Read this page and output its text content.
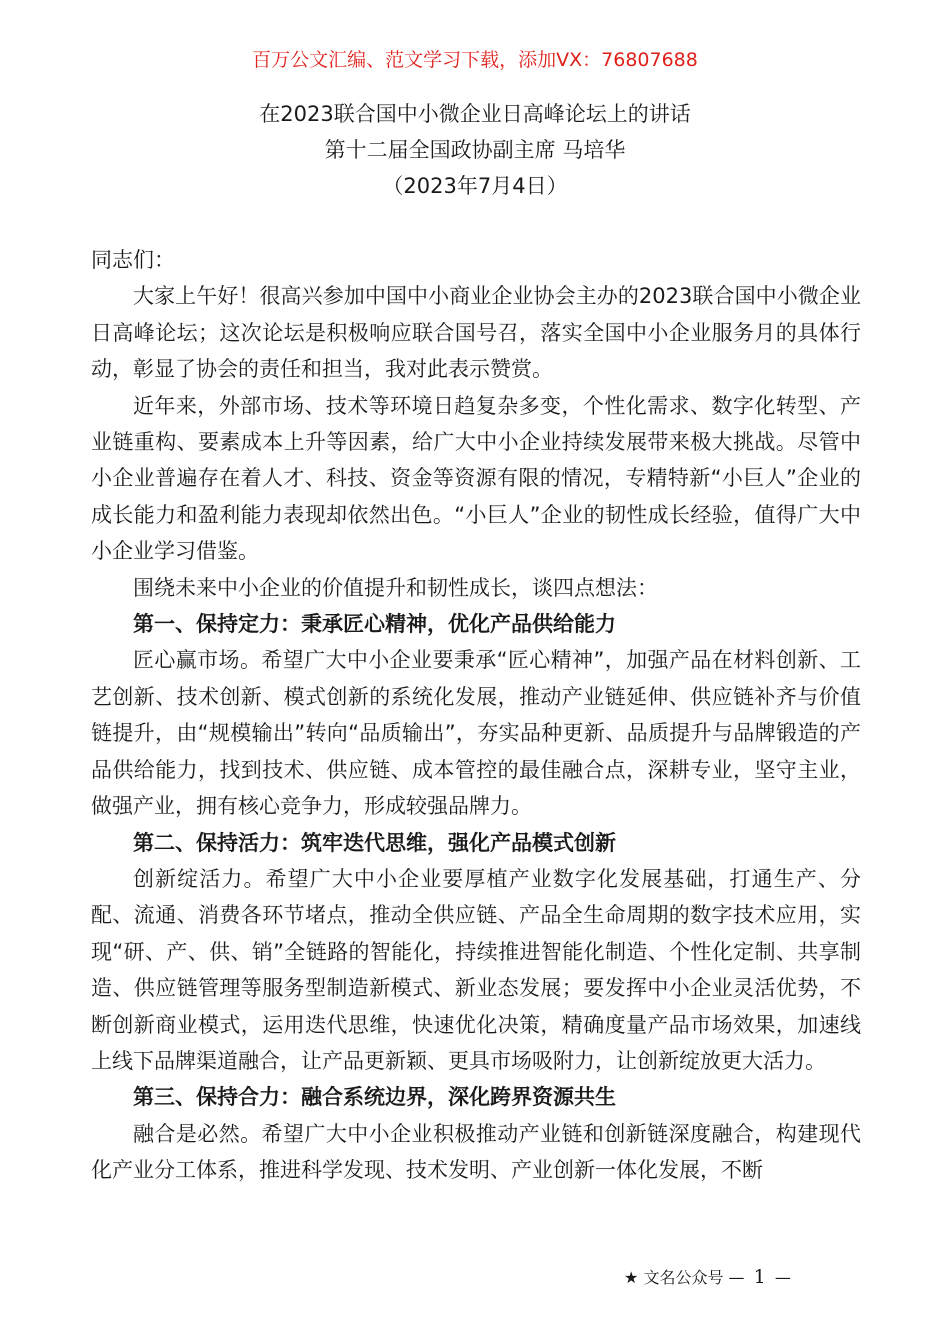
百万公文汇编、范文学习下载，添加VX：76807688
在2023联合国中小微企业日高峰论坛上的讲话
第十二届全国政协副主席 马培华
（2023年7月4日）

同志们：

大家上午好！很高兴参加中国中小商业企业协会主办的2023联合国中小微企业日高峰论坛；这次论坛是积极响应联合国号召，落实全国中小企业服务月的具体行动，彰显了协会的责任和担当，我对此表示赞赏。

近年来，外部市场、技术等环境日趋复杂多变，个性化需求、数字化转型、产业链重构、要素成本上升等因素，给广大中小企业持续发展带来极大挑战。尽管中小企业普遍存在着人才、科技、资金等资源有限的情况，专精特新“小巨人”企业的成长能力和盈利能力表现却依然出色。“小巨人”企业的韧性成长经验，值得广大中小企业学习借鉴。

围绕未来中小企业的价值提升和韧性成长，谈四点想法：

第一、保持定力：秉承匠心精神，优化产品供给能力

匠心赢市场。希望广大中小企业要秉承“匠心精神”，加强产品在材料创新、工艺创新、技术创新、模式创新的系统化发展，推动产业链延伸、供应链补齐与价值链提升，由“规模输出”转向“品质输出”，夯实品种更新、品质提升与品牌锻造的产品供给能力，找到技术、供应链、成本管控的最佳融合点，深耕专业，坚守主业，做强产业，拥有核心竞争力，形成较强品牌力。

第二、保持活力：筑牢迭代思维，强化产品模式创新

创新绽活力。希望广大中小企业要厚植产业数字化发展基础，打通生产、分配、流通、消费各环节堵点，推动全供应链、产品全生命周期的数字技术应用，实现“研、产、供、销”全链路的智能化，持续推进智能化制造、个性化定制、共享制造、供应链管理等服务型制造新模式、新业态发展；要发挥中小企业灵活优势，不断创新商业模式，运用迭代思维，快速优化决策，精确度量产品市场效果，加速线上线下品牌渠道融合，让产品更新颖、更具市场吸附力，让创新绽放更大活力。

第三、保持合力：融合系统边界，深化跨界资源共生

融合是必然。希望广大中小企业积极推动产业链和创新链深度融合，构建现代化产业分工体系，推进科学发现、技术发明、产业创新一体化发展，不断

★ 文名公众号 — 1 —
